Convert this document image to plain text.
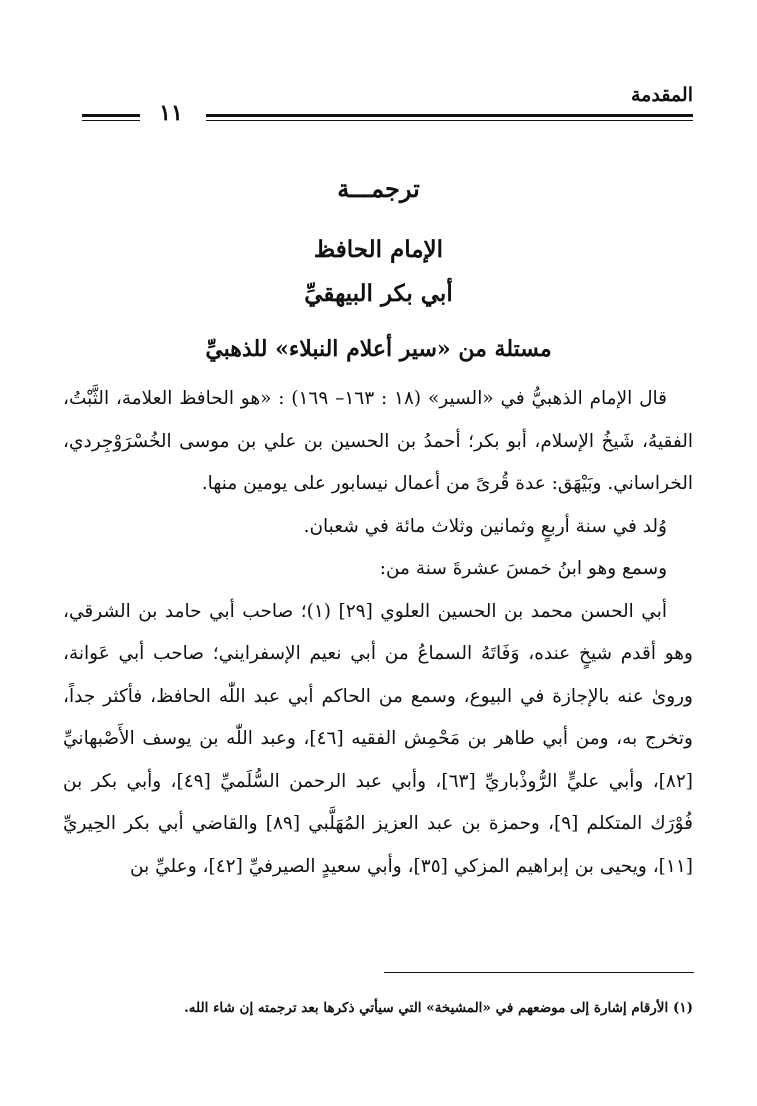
المقدمة
١١
ترجمـــة
الإمام الحافظ
أبي بكر البيهقيِّ
مستلة من «سير أعلام النبلاء» للذهبيِّ

قال الإمام الذهبيُّ في «السير» (١٨ : ١٦٣– ١٦٩) : «هو الحافظ العلامة، الثَّبْتُ، الفقيهُ، شَيخُ الإسلام، أبو بكر؛ أحمدُ بن الحسين بن علي بن موسى الخُسْرَوْجِردي، الخراساني. وبَيْهَق: عدة قُرىً من أعمال نيسابور على يومين منها.

وُلد في سنة أربعٍ وثمانين وثلاث مائة في شعبان.

وسمع وهو ابنُ خمسَ عشرةَ سنة من:

أبي الحسن محمد بن الحسين العلوي [٢٩] (١)؛ صاحب أبي حامد بن الشرقي، وهو أقدم شيخٍ عنده، وَفَاتَهُ السماعُ من أبي نعيم الإسفرايني؛ صاحب أبي عَوانة، وروىٰ عنه بالإجازة في البيوع، وسمع من الحاكم أبي عبد اللّٰه الحافظ، فأكثر جداً، وتخرج به، ومن أبي طاهر بن مَحْمِش الفقيه [٤٦]، وعبد اللّٰه بن يوسف الأَصْبهانيِّ [٨٢]، وأبي عليٍّ الرُّوذْباريِّ [٦٣]، وأبي عبد الرحمن السُّلَميِّ [٤٩]، وأبي بكر بن فُوْرَك المتكلم [٩]، وحمزة بن عبد العزيز المُهَلَّبي [٨٩] والقاضي أبي بكر الحِيريِّ [١١]، ويحيى بن إبراهيم المزكي [٣٥]، وأبي سعيدٍ الصيرفيِّ [٤٢]، وعليِّ بن

(١) الأرقام إشارة إلى موضعهم في «المشيخة» التي سيأتي ذكرها بعد ترجمته إن شاء الله.
